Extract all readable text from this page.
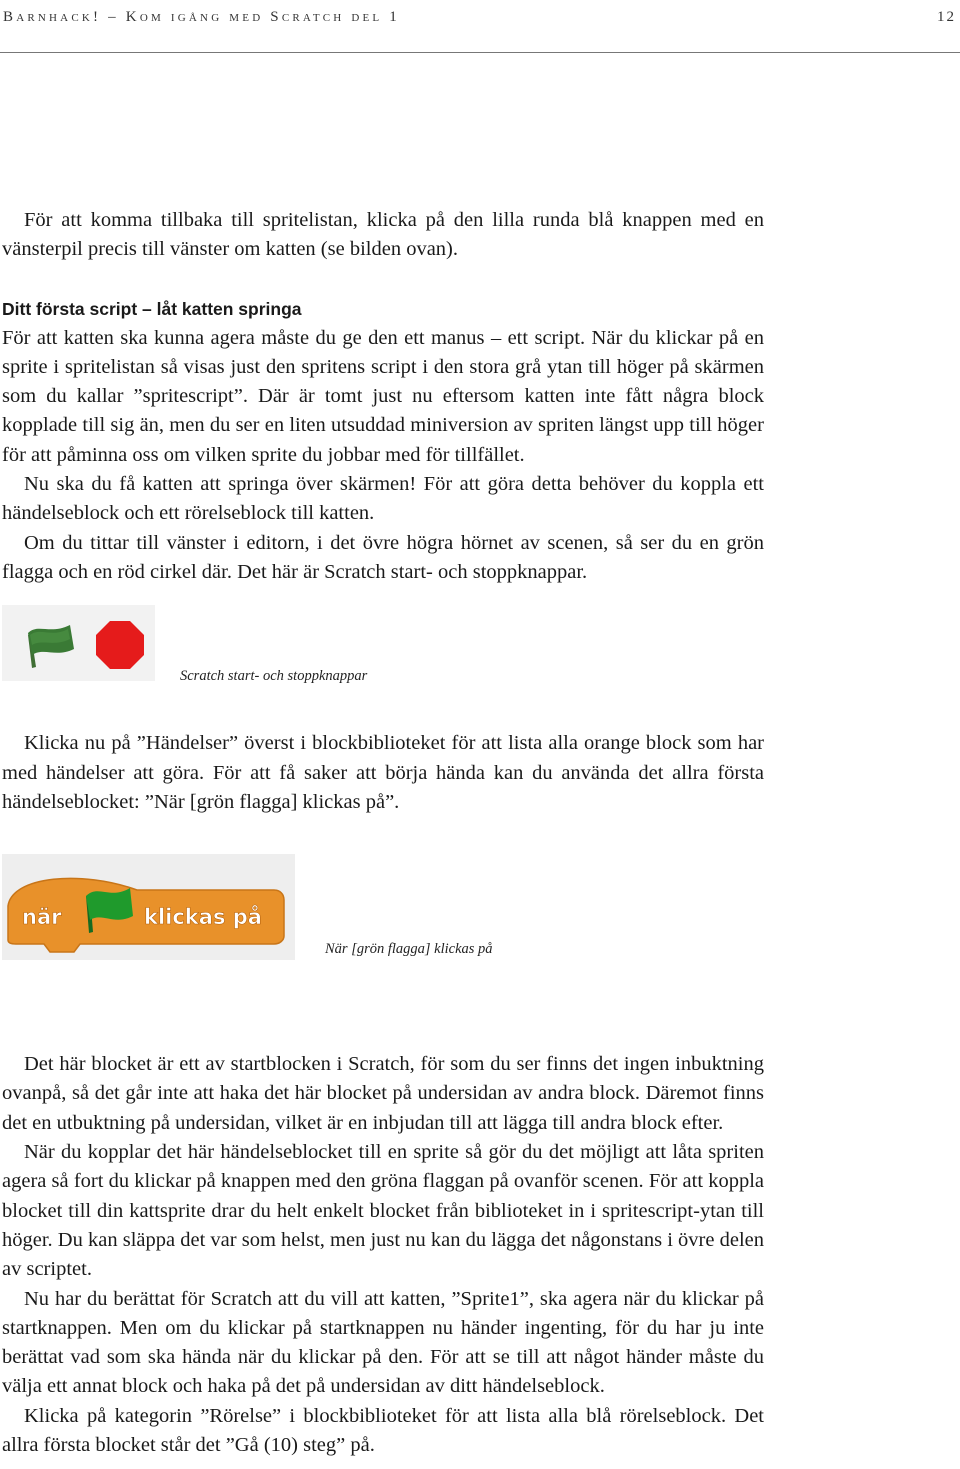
Barnhack! – Kom igång med Scratch del 1	12

För att komma tillbaka till spritelistan, klicka på den lilla runda blå knappen med en vänsterpil precis till vänster om katten (se bilden ovan).

Ditt första script – låt katten springa

För att katten ska kunna agera måste du ge den ett manus – ett script. När du klickar på en sprite i spritelistan så visas just den spritens script i den stora grå ytan till höger på skärmen som du kallar ”spritescript”. Där är tomt just nu eftersom katten inte fått några block kopplade till sig än, men du ser en liten utsuddad miniversion av spriten längst upp till höger för att påminna oss om vilken sprite du jobbar med för tillfället.

Nu ska du få katten att springa över skärmen! För att göra detta behöver du koppla ett händelseblock och ett rörelseblock till katten.

Om du tittar till vänster i editorn, i det övre högra hörnet av scenen, så ser du en grön flagga och en röd cirkel där. Det här är Scratch start- och stoppknappar.

Scratch start- och stoppknappar

Klicka nu på ”Händelser” överst i blockbiblioteket för att lista alla orange block som har med händelser att göra. För att få saker att börja hända kan du använda det allra första händelseblocket: ”När [grön flagga] klickas på”.

när	klickas på
När [grön flagga] klickas på

Det här blocket är ett av startblocken i Scratch, för som du ser finns det ingen inbuktning ovanpå, så det går inte att haka det här blocket på undersidan av andra block. Däremot finns det en utbuktning på undersidan, vilket är en inbjudan till att lägga till andra block efter.

När du kopplar det här händelseblocket till en sprite så gör du det möjligt att låta spriten agera så fort du klickar på knappen med den gröna flaggan på ovanför scenen. För att koppla blocket till din kattsprite drar du helt enkelt blocket från biblioteket in i spritescript-ytan till höger. Du kan släppa det var som helst, men just nu kan du lägga det någonstans i övre delen av scriptet.

Nu har du berättat för Scratch att du vill att katten, ”Sprite1”, ska agera när du klickar på startknappen. Men om du klickar på startknappen nu händer ingenting, för du har ju inte berättat vad som ska hända när du klickar på den. För att se till att något händer måste du välja ett annat block och haka på det på undersidan av ditt händelseblock.

Klicka på kategorin ”Rörelse” i blockbiblioteket för att lista alla blå rörelseblock. Det allra första blocket står det ”Gå (10) steg” på.
